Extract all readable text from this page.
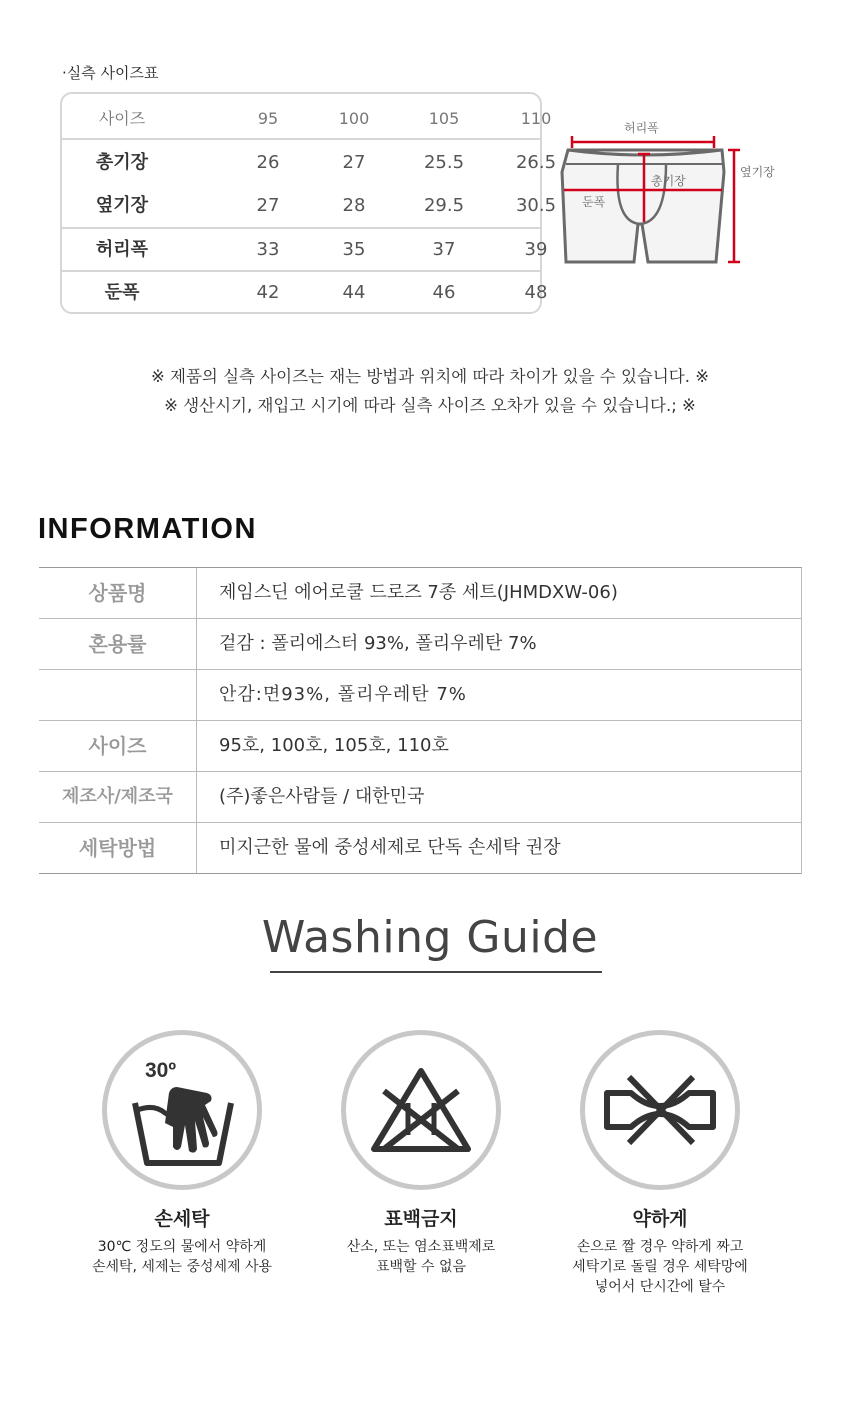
·실측 사이즈표
사이즈	95	100	105	110
총기장	26	27	25.5	26.5
옆기장	27	28	29.5	30.5
허리폭	33	35	37	39
둔폭	42	44	46	48
허리폭
총기장
둔폭
옆기장
※ 제품의 실측 사이즈는 재는 방법과 위치에 따라 차이가 있을 수 있습니다. ※
※ 생산시기, 재입고 시기에 따라 실측 사이즈 오차가 있을 수 있습니다.; ※
INFORMATION
상품명	제임스딘 에어로쿨 드로즈 7종 세트(JHMDXW-06)
혼용률	겉감 : 폴리에스터 93%, 폴리우레탄 7%
안감:면93%, 폴리우레탄 7%
사이즈	95호, 100호, 105호, 110호
제조사/제조국	(주)좋은사람들 / 대한민국
세탁방법	미지근한 물에 중성세제로 단독 손세탁 권장
Washing Guide
30º
손세탁
30℃ 정도의 물에서 약하게
손세탁, 세제는 중성세제 사용
표백금지
산소, 또는 염소표백제로
표백할 수 없음
약하게
손으로 짤 경우 약하게 짜고
세탁기로 돌릴 경우 세탁망에
넣어서 단시간에 탈수
